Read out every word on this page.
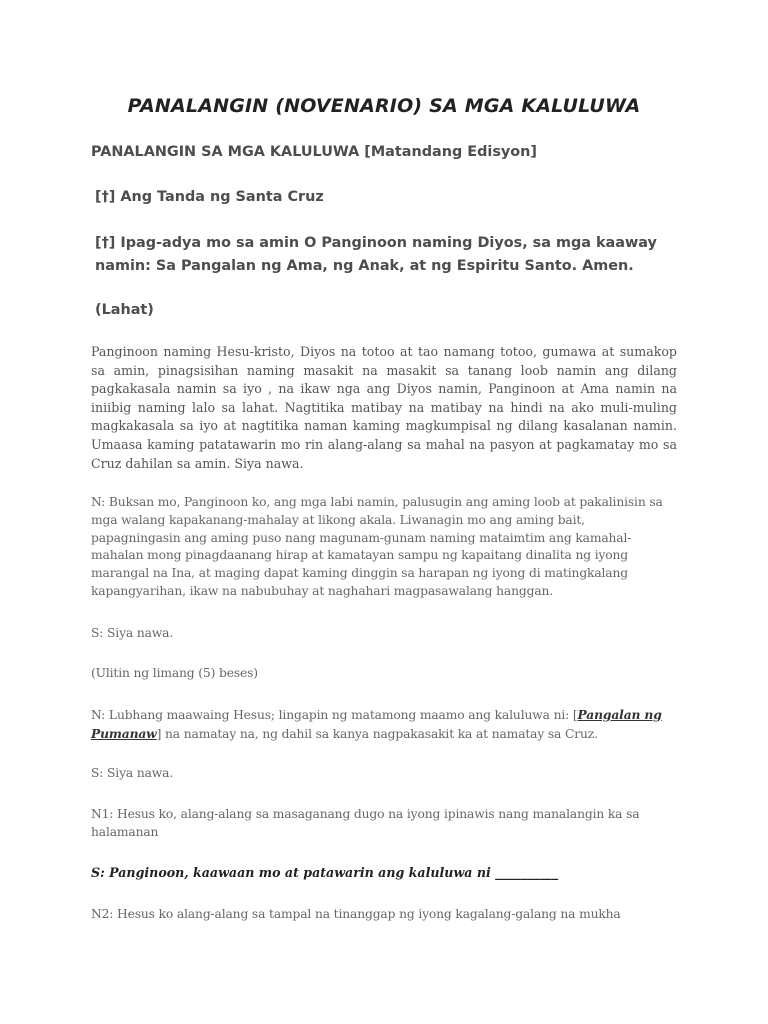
PANALANGIN (NOVENARIO) SA MGA KALULUWA
PANALANGIN SA MGA KALULUWA [Matandang Edisyon]
[†] Ang Tanda ng Santa Cruz
[†] Ipag-adya mo sa amin O Panginoon naming Diyos, sa mga kaaway namin: Sa Pangalan ng Ama, ng Anak, at ng Espiritu Santo. Amen.
(Lahat)
Panginoon naming Hesu-kristo, Diyos na totoo at tao namang totoo, gumawa at sumakop sa amin, pinagsisihan naming masakit na masakit sa tanang loob namin ang dilang pagkakasala namin sa iyo , na ikaw nga ang Diyos namin, Panginoon at Ama namin na iniibig naming lalo sa lahat. Nagtitika matibay na matibay na hindi na ako muli-muling magkakasala sa iyo at nagtitika naman kaming magkumpisal ng dilang kasalanan namin. Umaasa kaming patatawarin mo rin alang-alang sa mahal na pasyon at pagkamatay mo sa Cruz dahilan sa amin. Siya nawa.
N: Buksan mo, Panginoon ko, ang mga labi namin, palusugin ang aming loob at pakalinisin sa mga walang kapakanang-mahalay at likong akala. Liwanagin mo ang aming bait, papagningasin ang aming puso nang magunam-gunam naming mataimtim ang kamahal-mahalan mong pinagdaanang hirap at kamatayan sampu ng kapaitang dinalita ng iyong marangal na Ina, at maging dapat kaming dinggin sa harapan ng iyong di matingkalang kapangyarihan, ikaw na nabubuhay at naghahari magpasawalang hanggan.
S: Siya nawa.
(Ulitin ng limang (5) beses)
N: Lubhang maawaing Hesus; lingapin ng matamong maamo ang kaluluwa ni: [Pangalan ng Pumanaw] na namatay na, ng dahil sa kanya nagpakasakit ka at namatay sa Cruz.
S: Siya nawa.
N1: Hesus ko, alang-alang sa masaganang dugo na iyong ipinawis nang manalangin ka sa halamanan
S: Panginoon, kaawaan mo at patawarin ang kaluluwa ni __________
N2: Hesus ko alang-alang sa tampal na tinanggap ng iyong kagalang-galang na mukha
